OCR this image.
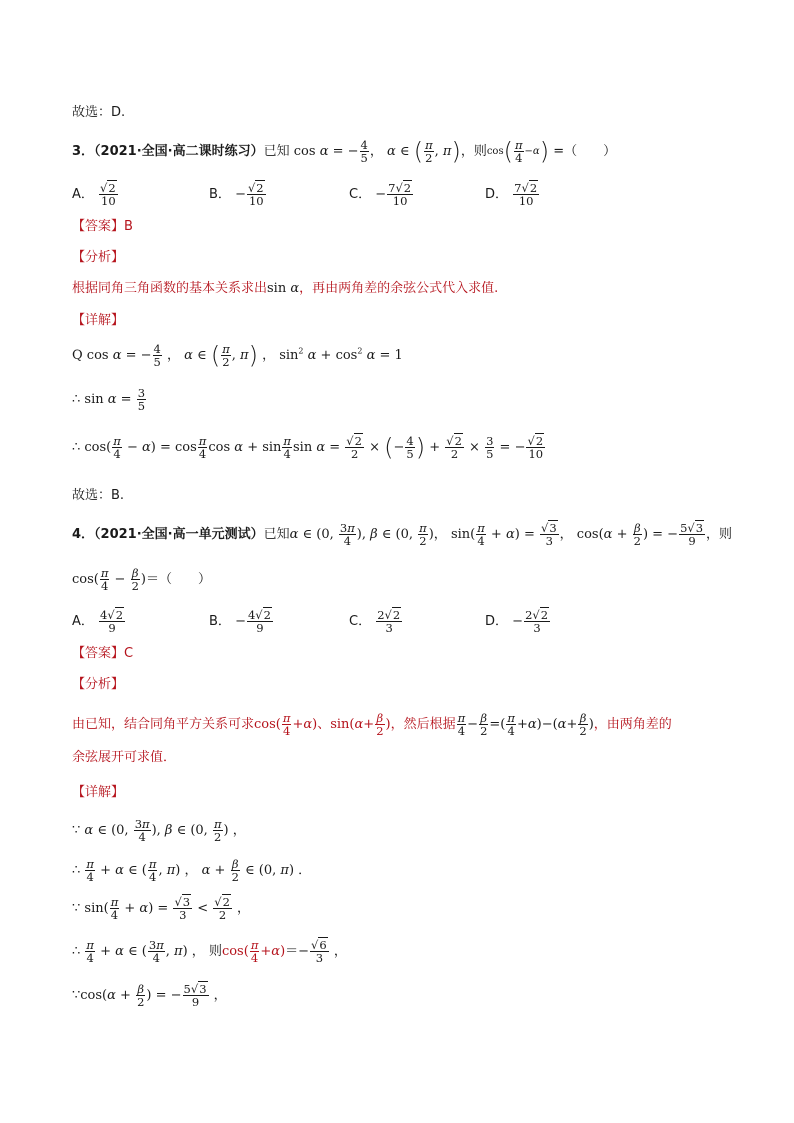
故选：D.
3．（2021·全国·高二课时练习）已知 cos α = − $\frac{4}{5}$ ， α ∈ ( $\frac{\pi}{2}$ , π)，则$\cos( \frac{\pi}{4} -\alpha)$ =（　　）
A． $\frac{√2}{10}$	B． − $\frac{√2}{10}$	C． − $\frac{7√2}{10}$	D． $\frac{7√2}{10}$
【答案】B
【分析】
根据同角三角函数的基本关系求出sin α，再由两角差的余弦公式代入求值.
【详解】
Q cos α = − $\frac{4}{5}$ ， α ∈ ( $\frac{\pi}{2}$ , π) ， $\sin^2 \alpha + \cos^2 \alpha = 1$
∴ $\sin \alpha = \frac{3}{5}$
∴ $\cos( \frac{\pi}{4} - \alpha) = \cos \frac{\pi}{4}$ $\cos \alpha + \sin \frac{\pi}{4}$ $\sin \alpha = \frac{√2}{2}$ × (− $\frac{4}{5}$ ) + $\frac{√2}{2} \times \frac{3}{5}$ = − $\frac{√2}{10}$
故选：B.
4．（2021·全国·高一单元测试）已知α ∈ (0, $\frac{3\pi}{4}$ ), β ∈ (0, $\frac{\pi}{2}$ )， $\sin( \frac{\pi}{4} + \alpha) = \frac{√3}{3}$ ， $\cos(\alpha + \frac{\beta}{2}$ ) = − $\frac{5√3}{9}$ ，则
$\cos( \frac{\pi}{4} - \frac{\beta}{2}$ )＝（　　）
A． $\frac{4√2}{9}$	B． − $\frac{4√2}{9}$	C． $\frac{2√2}{3}$	D． − $\frac{2√2}{3}$
【答案】C
【分析】
由已知，结合同角平方关系可求$\cos( \frac{\pi}{4} +\alpha)$、$\sin(\alpha+ \frac{\beta}{2}$ )，然后根据 $\frac{\pi}{4} - \frac{\beta}{2}$ =( $\frac{\pi}{4} +\alpha)-(\alpha+ \frac{\beta}{2}$ )，由两角差的
余弦展开可求值．
【详解】
∵ α ∈ (0, $\frac{3\pi}{4}$ ), β ∈ (0, $\frac{\pi}{2}$ ) ，
∴ $\frac{\pi}{4} + \alpha$ ∈ ( $\frac{\pi}{4}$ , π) ， $\alpha + \frac{\beta}{2}$ ∈ (0, π) ．
∵ $\sin( \frac{\pi}{4} + \alpha) = \frac{√3}{3} < \frac{√2}{2}$ ，
∴ $\frac{\pi}{4} + \alpha$ ∈ ( $\frac{3\pi}{4}$ , π) ， 则$\cos( \frac{\pi}{4} +\alpha)=- \frac{√6}{3}$ ，
∵cos(α + $\frac{\beta}{2}$ ) = − $\frac{5√3}{9}$ ，
